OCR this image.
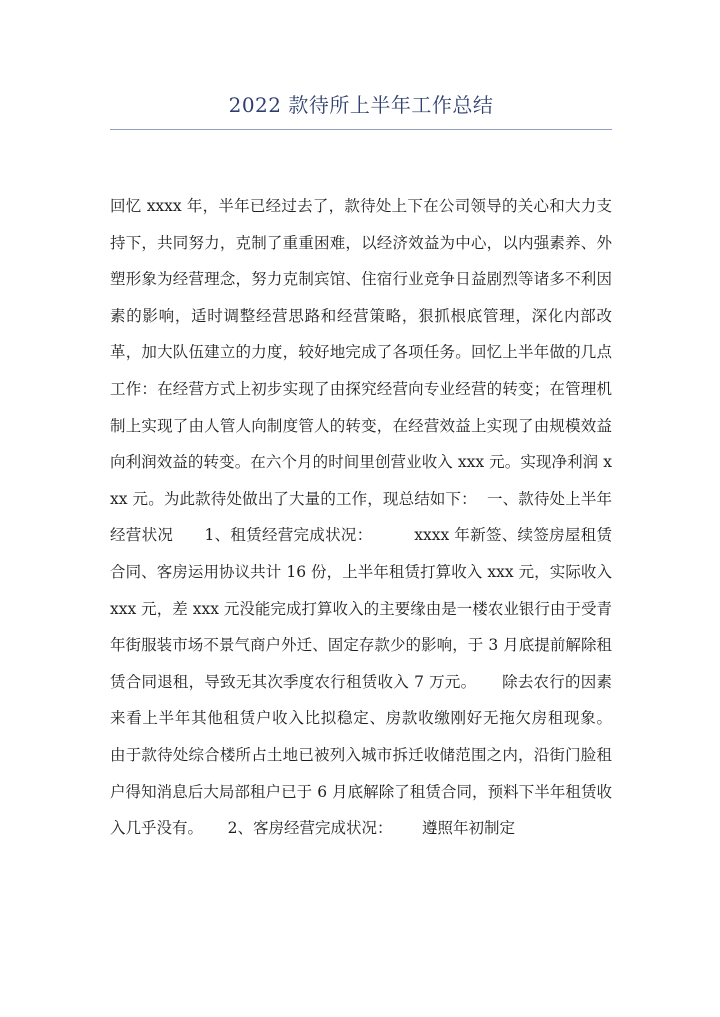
2022 款待所上半年工作总结
回忆 xxxx 年，半年已经过去了，款待处上下在公司领导的关心和大力支持下，共同努力，克制了重重困难，以经济效益为中心，以内强素养、外塑形象为经营理念，努力克制宾馆、住宿行业竞争日益剧烈等诸多不利因素的影响，适时调整经营思路和经营策略，狠抓根底管理，深化内部改革，加大队伍建立的力度，较好地完成了各项任务。回忆上半年做的几点工作：在经营方式上初步实现了由探究经营向专业经营的转变；在管理机制上实现了由人管人向制度管人的转变，在经营效益上实现了由规模效益向利润效益的转变。在六个月的时间里创营业收入 xxx 元。实现净利润 xxx 元。为此款待处做出了大量的工作，现总结如下：  一、款待处上半年经营状况      1、租赁经营完成状况：        xxxx 年新签、续签房屋租赁合同、客房运用协议共计 16 份，上半年租赁打算收入 xxx 元，实际收入 xxx 元，差 xxx 元没能完成打算收入的主要缘由是一楼农业银行由于受青年街服装市场不景气商户外迁、固定存款少的影响，于 3 月底提前解除租赁合同退租，导致无其次季度农行租赁收入 7 万元。     除去农行的因素来看上半年其他租赁户收入比拟稳定、房款收缴刚好无拖欠房租现象。      由于款待处综合楼所占土地已被列入城市拆迁收储范围之内，沿街门脸租户得知消息后大局部租户已于 6 月底解除了租赁合同，预料下半年租赁收入几乎没有。     2、客房经营完成状况：      遵照年初制定
